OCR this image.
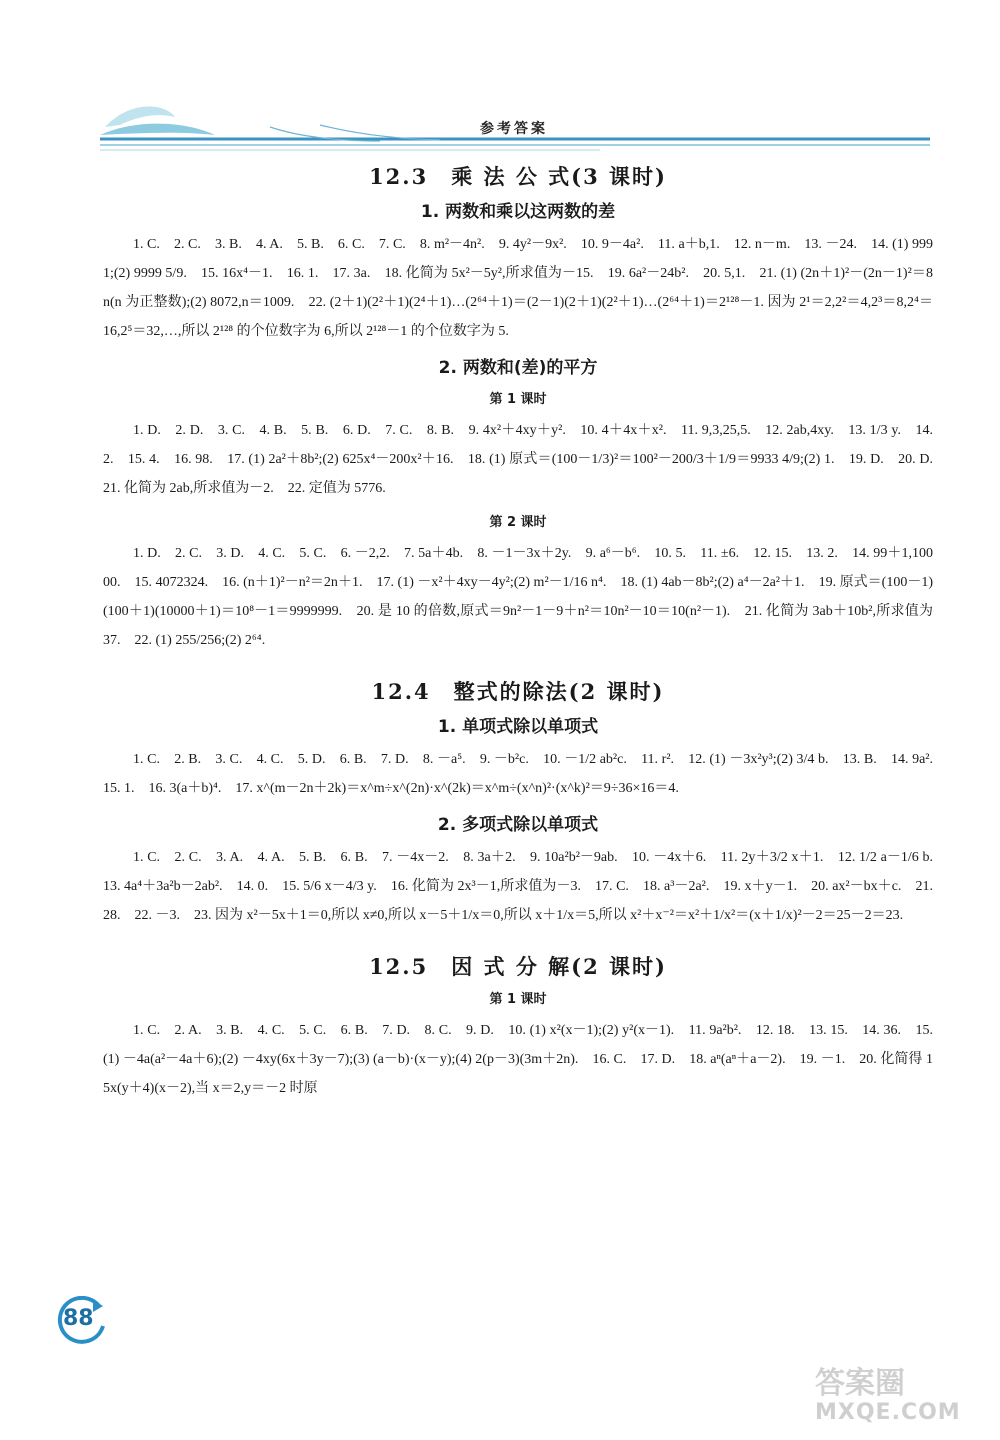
参考答案
12.3　乘 法 公 式(3 课时)
1. 两数和乘以这两数的差

1. C.　2. C.　3. B.　4. A.　5. B.　6. C.　7. C.　8. m²－4n².　9. 4y²－9x².　10. 9－4a².　11. a＋b,1.　12. n－m.　13. －24.　14. (1) 9991;(2) 9999 5/9.　15. 16x⁴－1.　16. 1.　17. 3a.　18. 化简为 5x²－5y²,所求值为－15.　19. 6a²－24b².　20. 5,1.　21. (1) (2n＋1)²－(2n－1)²＝8n(n 为正整数);(2) 8072,n＝1009.　22. (2＋1)(2²＋1)(2⁴＋1)…(2⁶⁴＋1)＝(2－1)(2＋1)(2²＋1)…(2⁶⁴＋1)＝2¹²⁸－1. 因为 2¹＝2,2²＝4,2³＝8,2⁴＝16,2⁵＝32,…,所以 2¹²⁸ 的个位数字为 6,所以 2¹²⁸－1 的个位数字为 5.

2. 两数和(差)的平方
第 1 课时

1. D.　2. D.　3. C.　4. B.　5. B.　6. D.　7. C.　8. B.　9. 4x²＋4xy＋y².　10. 4＋4x＋x².　11. 9,3,25,5.　12. 2ab,4xy.　13. 1/3 y.　14. 2.　15. 4.　16. 98.　17. (1) 2a²＋8b²;(2) 625x⁴－200x²＋16.　18. (1) 原式＝(100－1/3)²＝100²－200/3＋1/9＝9933 4/9;(2) 1.　19. D.　20. D.　21. 化简为 2ab,所求值为－2.　22. 定值为 5776.

第 2 课时

1. D.　2. C.　3. D.　4. C.　5. C.　6. －2,2.　7. 5a＋4b.　8. －1－3x＋2y.　9. a⁶－b⁶.　10. 5.　11. ±6.　12. 15.　13. 2.　14. 99＋1,10000.　15. 4072324.　16. (n＋1)²－n²＝2n＋1.　17. (1) －x²＋4xy－4y²;(2) m²－1/16 n⁴.　18. (1) 4ab－8b²;(2) a⁴－2a²＋1.　19. 原式＝(100－1)(100＋1)(10000＋1)＝10⁸－1＝9999999.　20. 是 10 的倍数,原式＝9n²－1－9＋n²＝10n²－10＝10(n²－1).　21. 化简为 3ab＋10b²,所求值为 37.　22. (1) 255/256;(2) 2⁶⁴.

12.4　整式的除法(2 课时)
1. 单项式除以单项式

1. C.　2. B.　3. C.　4. C.　5. D.　6. B.　7. D.　8. －a⁵.　9. －b²c.　10. －1/2 ab²c.　11. r².　12. (1) －3x²y³;(2) 3/4 b.　13. B.　14. 9a².　15. 1.　16. 3(a＋b)⁴.　17. x^(m－2n＋2k)＝x^m÷x^(2n)·x^(2k)＝x^m÷(x^n)²·(x^k)²＝9÷36×16＝4.

2. 多项式除以单项式

1. C.　2. C.　3. A.　4. A.　5. B.　6. B.　7. －4x－2.　8. 3a＋2.　9. 10a²b²－9ab.　10. －4x＋6.　11. 2y＋3/2 x＋1.　12. 1/2 a－1/6 b.　13. 4a⁴＋3a²b－2ab².　14. 0.　15. 5/6 x－4/3 y.　16. 化简为 2x³－1,所求值为－3.　17. C.　18. a³－2a².　19. x＋y－1.　20. ax²－bx＋c.　21. 28.　22. －3.　23. 因为 x²－5x＋1＝0,所以 x≠0,所以 x－5＋1/x＝0,所以 x＋1/x＝5,所以 x²＋x⁻²＝x²＋1/x²＝(x＋1/x)²－2＝25－2＝23.

12.5　因 式 分 解(2 课时)
第 1 课时

1. C.　2. A.　3. B.　4. C.　5. C.　6. B.　7. D.　8. C.　9. D.　10. (1) x²(x－1);(2) y²(x－1).　11. 9a²b².　12. 18.　13. 15.　14. 36.　15. (1) －4a(a²－4a＋6);(2) －4xy(6x＋3y－7);(3) (a－b)·(x－y);(4) 2(p－3)(3m＋2n).　16. C.　17. D.　18. aⁿ(aⁿ＋a－2).　19. －1.　20. 化简得 15x(y＋4)(x－2),当 x＝2,y＝－2 时原

88
答案圈
MXQE.COM
